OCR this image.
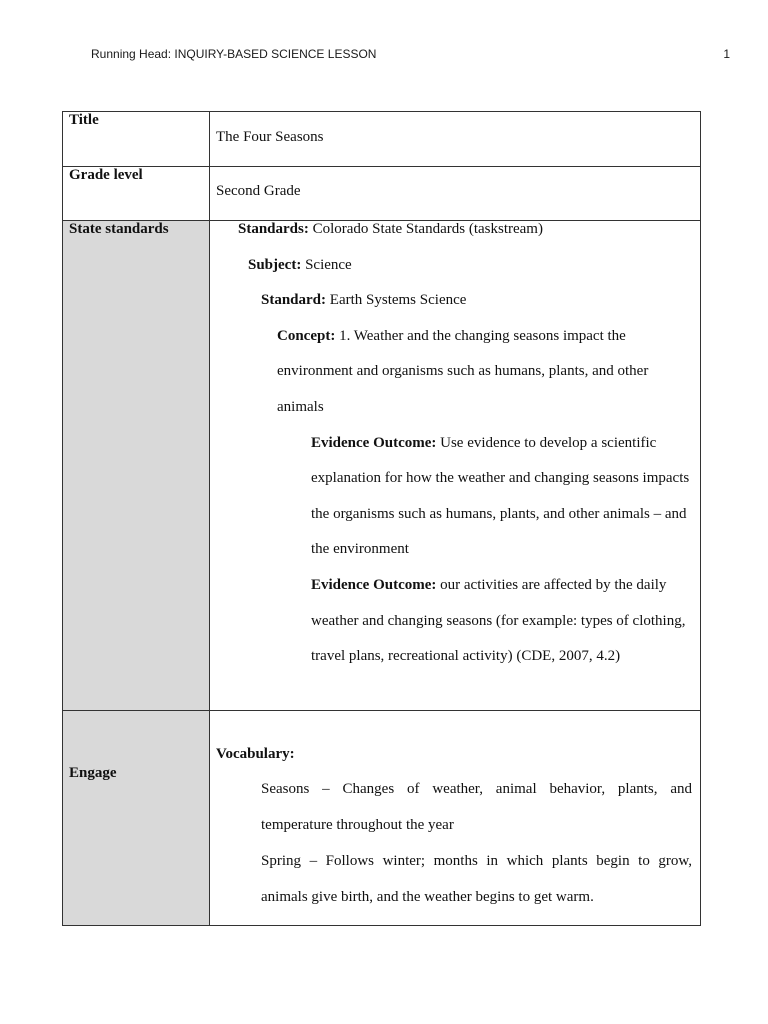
Running Head: INQUIRY-BASED SCIENCE LESSON	1
Title
The Four Seasons
Grade level
Second Grade
State standards	Standards: Colorado State Standards (taskstream)
Subject: Science
Standard: Earth Systems Science
Concept: 1. Weather and the changing seasons impact the
environment and organisms such as humans, plants, and other
animals
Evidence Outcome: Use evidence to develop a scientific
explanation for how the weather and changing seasons impacts
the organisms such as humans, plants, and other animals – and
the environment
Evidence Outcome: our activities are affected by the daily
weather and changing seasons (for example: types of clothing,
travel plans, recreational activity) (CDE, 2007, 4.2)
Engage
Vocabulary:
Seasons – Changes of weather, animal behavior, plants, and
temperature throughout the year
Spring – Follows winter; months in which plants begin to grow,
animals give birth, and the weather begins to get warm.
